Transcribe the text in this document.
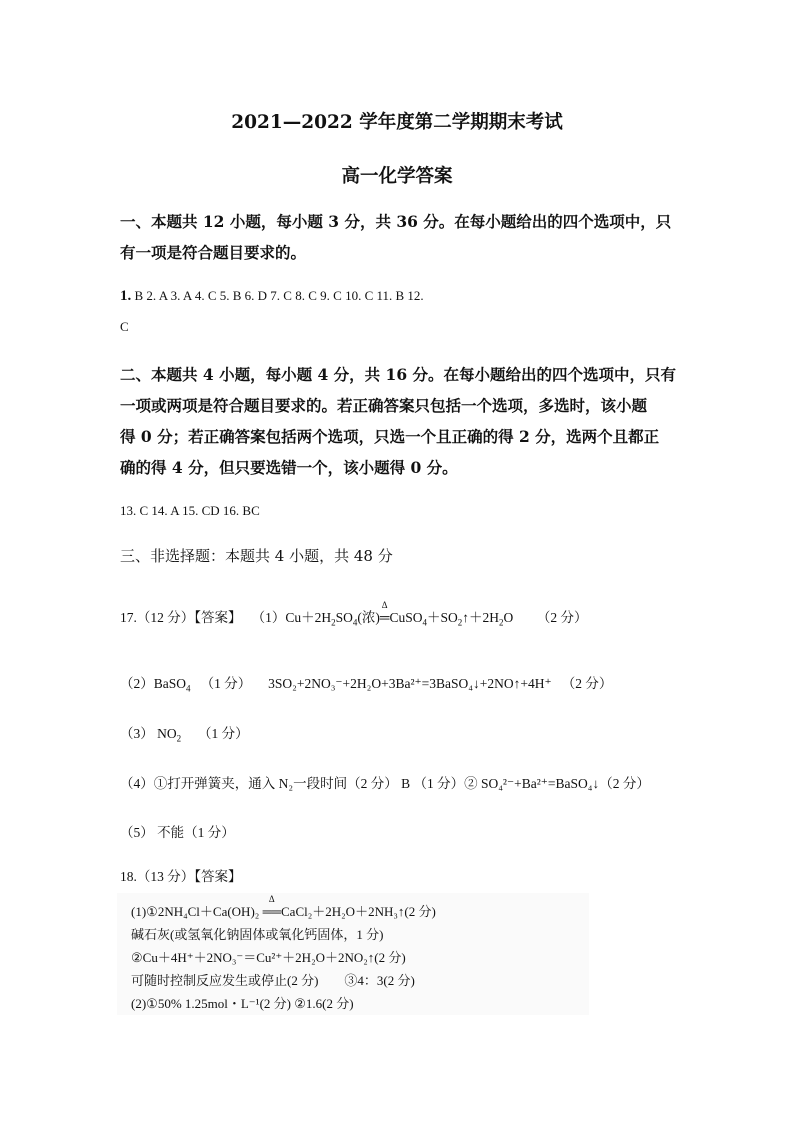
2021—2022 学年度第二学期期末考试
高一化学答案
一、本题共 12 小题，每小题 3 分，共 36 分。在每小题给出的四个选项中，只
有一项是符合题目要求的。
1. B 2. A 3. A 4. C 5. B 6. D 7. C 8. C 9. C 10. C 11. B 12.
C
二、本题共 4 小题，每小题 4 分，共 16 分。在每小题给出的四个选项中，只有
一项或两项是符合题目要求的。若正确答案只包括一个选项，多选时，该小题
得 0 分；若正确答案包括两个选项，只选一个且正确的得 2 分，选两个且都正
确的得 4 分，但只要选错一个，该小题得 0 分。
13. C 14. A 15. CD 16. BC
三、非选择题：本题共 4 小题，共 48 分
17.（12 分）【答案】 $(1)Cu+2H_2SO_4$(浓)
Δ
$═CuSO_4+SO_2↑+2H_2O$ （2 分）
（2）BaSO$_4$ （1 分） 3SO₂+2NO₃⁻+2H₂O+3Ba²⁺=3BaSO₄↓+2NO↑+4H⁺ （2 分）
（3） $NO_2$ （1 分）
（4）①打开弹簧夹，通入 N₂一段时间（2 分） B （1 分）② SO₄²⁻+Ba²⁺=BaSO₄↓（2 分）
（5） 不能（1 分）
18.（13 分）【答案】
(1)①2NH₄Cl＋Ca(OH)₂
Δ
══CaCl₂＋2H₂O＋2NH₃↑(2 分)
碱石灰(或氢氧化钠固体或氧化钙固体，1 分)
②Cu＋4H⁺＋2NO₃⁻＝Cu²⁺＋2H₂O＋2NO₂↑(2 分)
可随时控制反应发生或停止(2 分) ③4：3(2 分)
(2)①50% 1.25mol・L⁻¹(2 分) ②1.6(2 分)
